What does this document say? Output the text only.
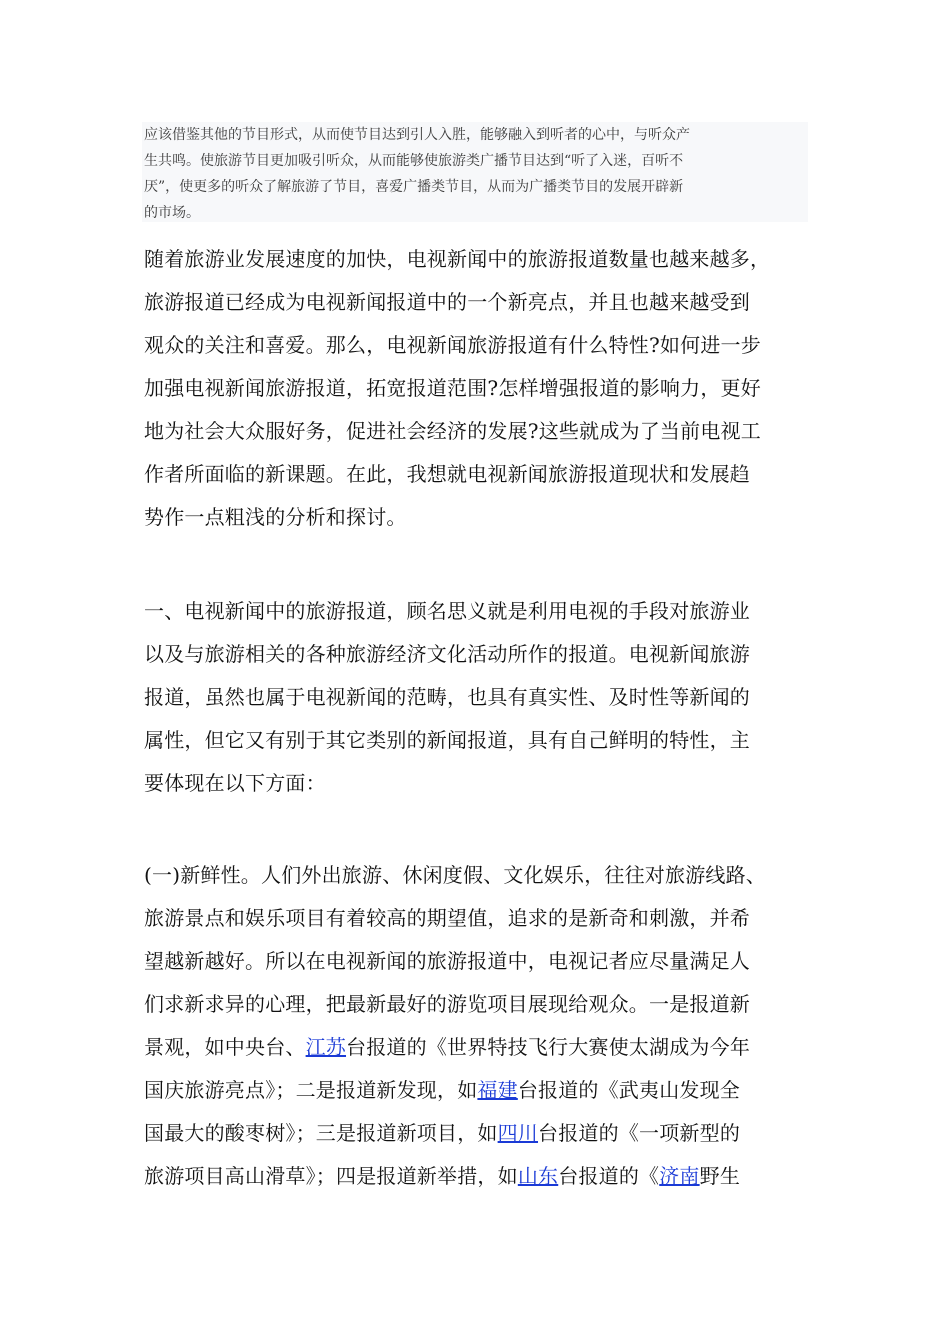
应该借鉴其他的节目形式，从而使节目达到引人入胜，能够融入到听者的心中，与听众产
生共鸣。使旅游节目更加吸引听众，从而能够使旅游类广播节目达到“听了入迷，百听不
厌”，使更多的听众了解旅游了节目，喜爱广播类节目，从而为广播类节目的发展开辟新
的市场。
随着旅游业发展速度的加快，电视新闻中的旅游报道数量也越来越多，
旅游报道已经成为电视新闻报道中的一个新亮点，并且也越来越受到
观众的关注和喜爱。那么，电视新闻旅游报道有什么特性?如何进一步
加强电视新闻旅游报道，拓宽报道范围?怎样增强报道的影响力，更好
地为社会大众服好务，促进社会经济的发展?这些就成为了当前电视工
作者所面临的新课题。在此，我想就电视新闻旅游报道现状和发展趋
势作一点粗浅的分析和探讨。
一、电视新闻中的旅游报道，顾名思义就是利用电视的手段对旅游业
以及与旅游相关的各种旅游经济文化活动所作的报道。电视新闻旅游
报道，虽然也属于电视新闻的范畴，也具有真实性、及时性等新闻的
属性，但它又有别于其它类别的新闻报道，具有自己鲜明的特性，主
要体现在以下方面：
(一)新鲜性。人们外出旅游、休闲度假、文化娱乐，往往对旅游线路、
旅游景点和娱乐项目有着较高的期望值，追求的是新奇和刺激，并希
望越新越好。所以在电视新闻的旅游报道中，电视记者应尽量满足人
们求新求异的心理，把最新最好的游览项目展现给观众。一是报道新
景观，如中央台、江苏台报道的《世界特技飞行大赛使太湖成为今年
国庆旅游亮点》；二是报道新发现，如福建台报道的《武夷山发现全
国最大的酸枣树》；三是报道新项目，如四川台报道的《一项新型的
旅游项目高山滑草》；四是报道新举措，如山东台报道的《济南野生
